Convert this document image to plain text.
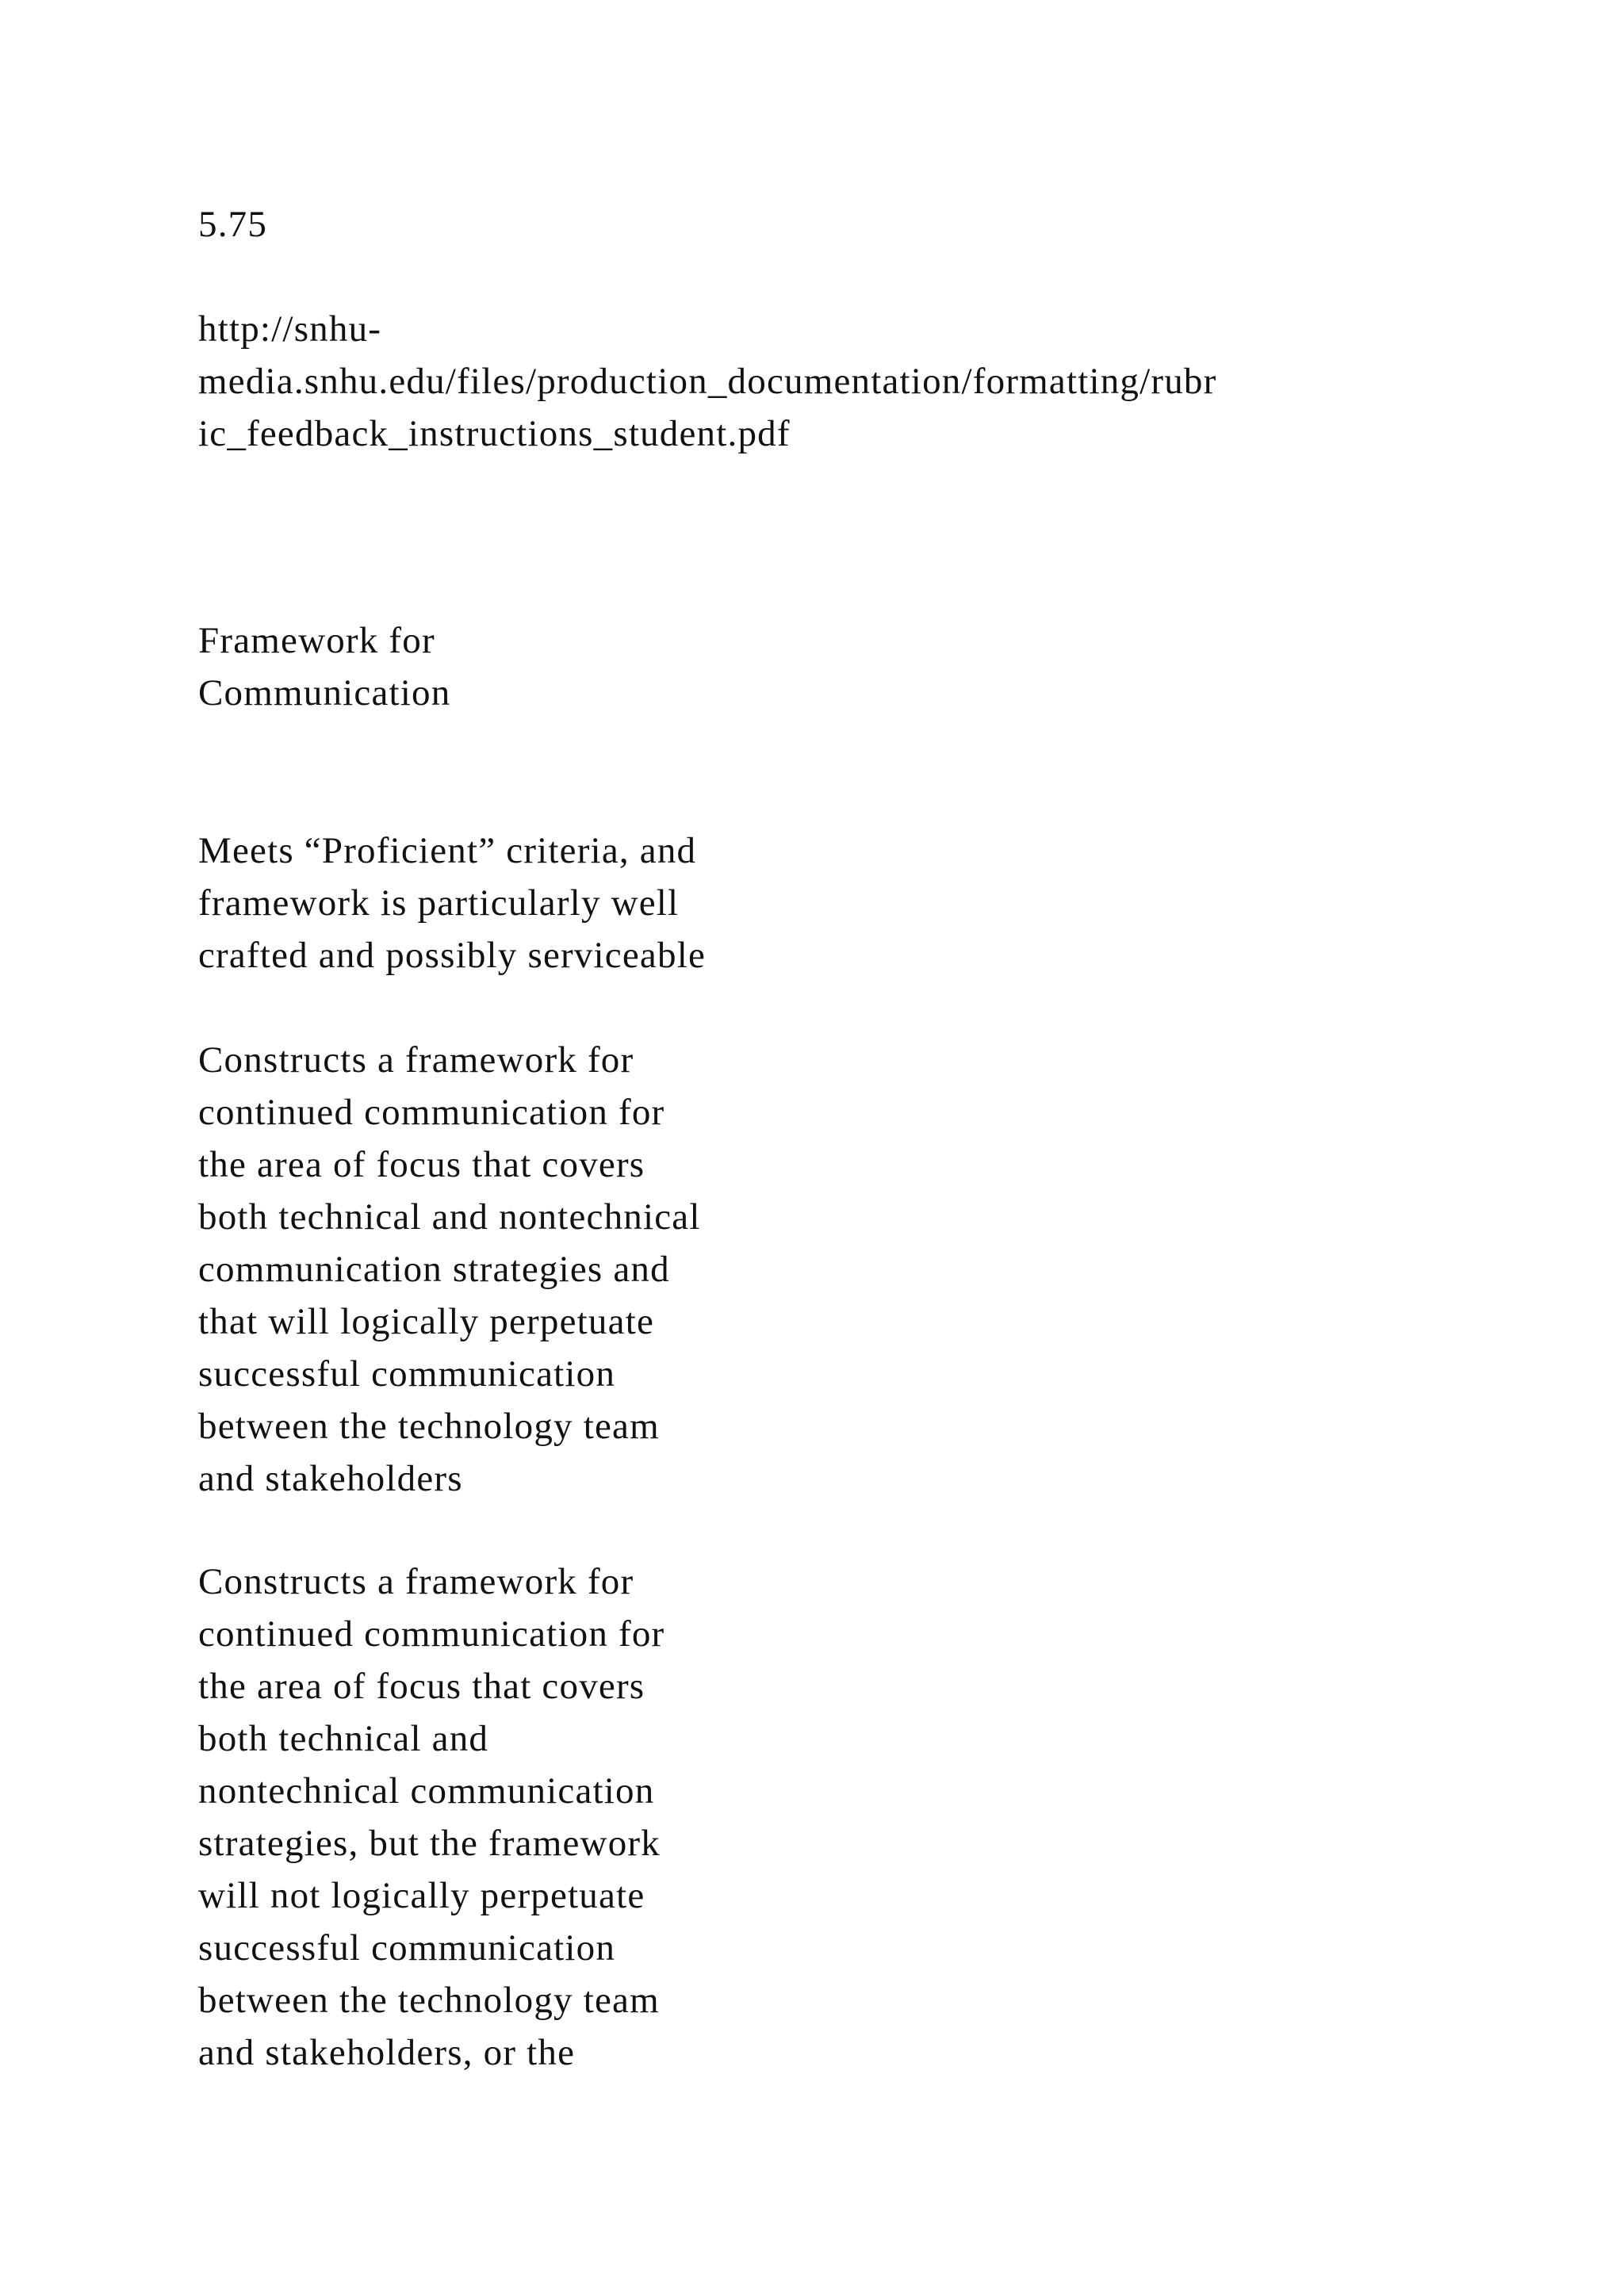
5.75

http://snhu-
media.snhu.edu/files/production_documentation/formatting/rubr
ic_feedback_instructions_student.pdf

Framework for
Communication

Meets “Proficient” criteria, and
framework is particularly well
crafted and possibly serviceable

Constructs a framework for
continued communication for
the area of focus that covers
both technical and nontechnical
communication strategies and
that will logically perpetuate
successful communication
between the technology team
and stakeholders

Constructs a framework for
continued communication for
the area of focus that covers
both technical and
nontechnical communication
strategies, but the framework
will not logically perpetuate
successful communication
between the technology team
and stakeholders, or the
